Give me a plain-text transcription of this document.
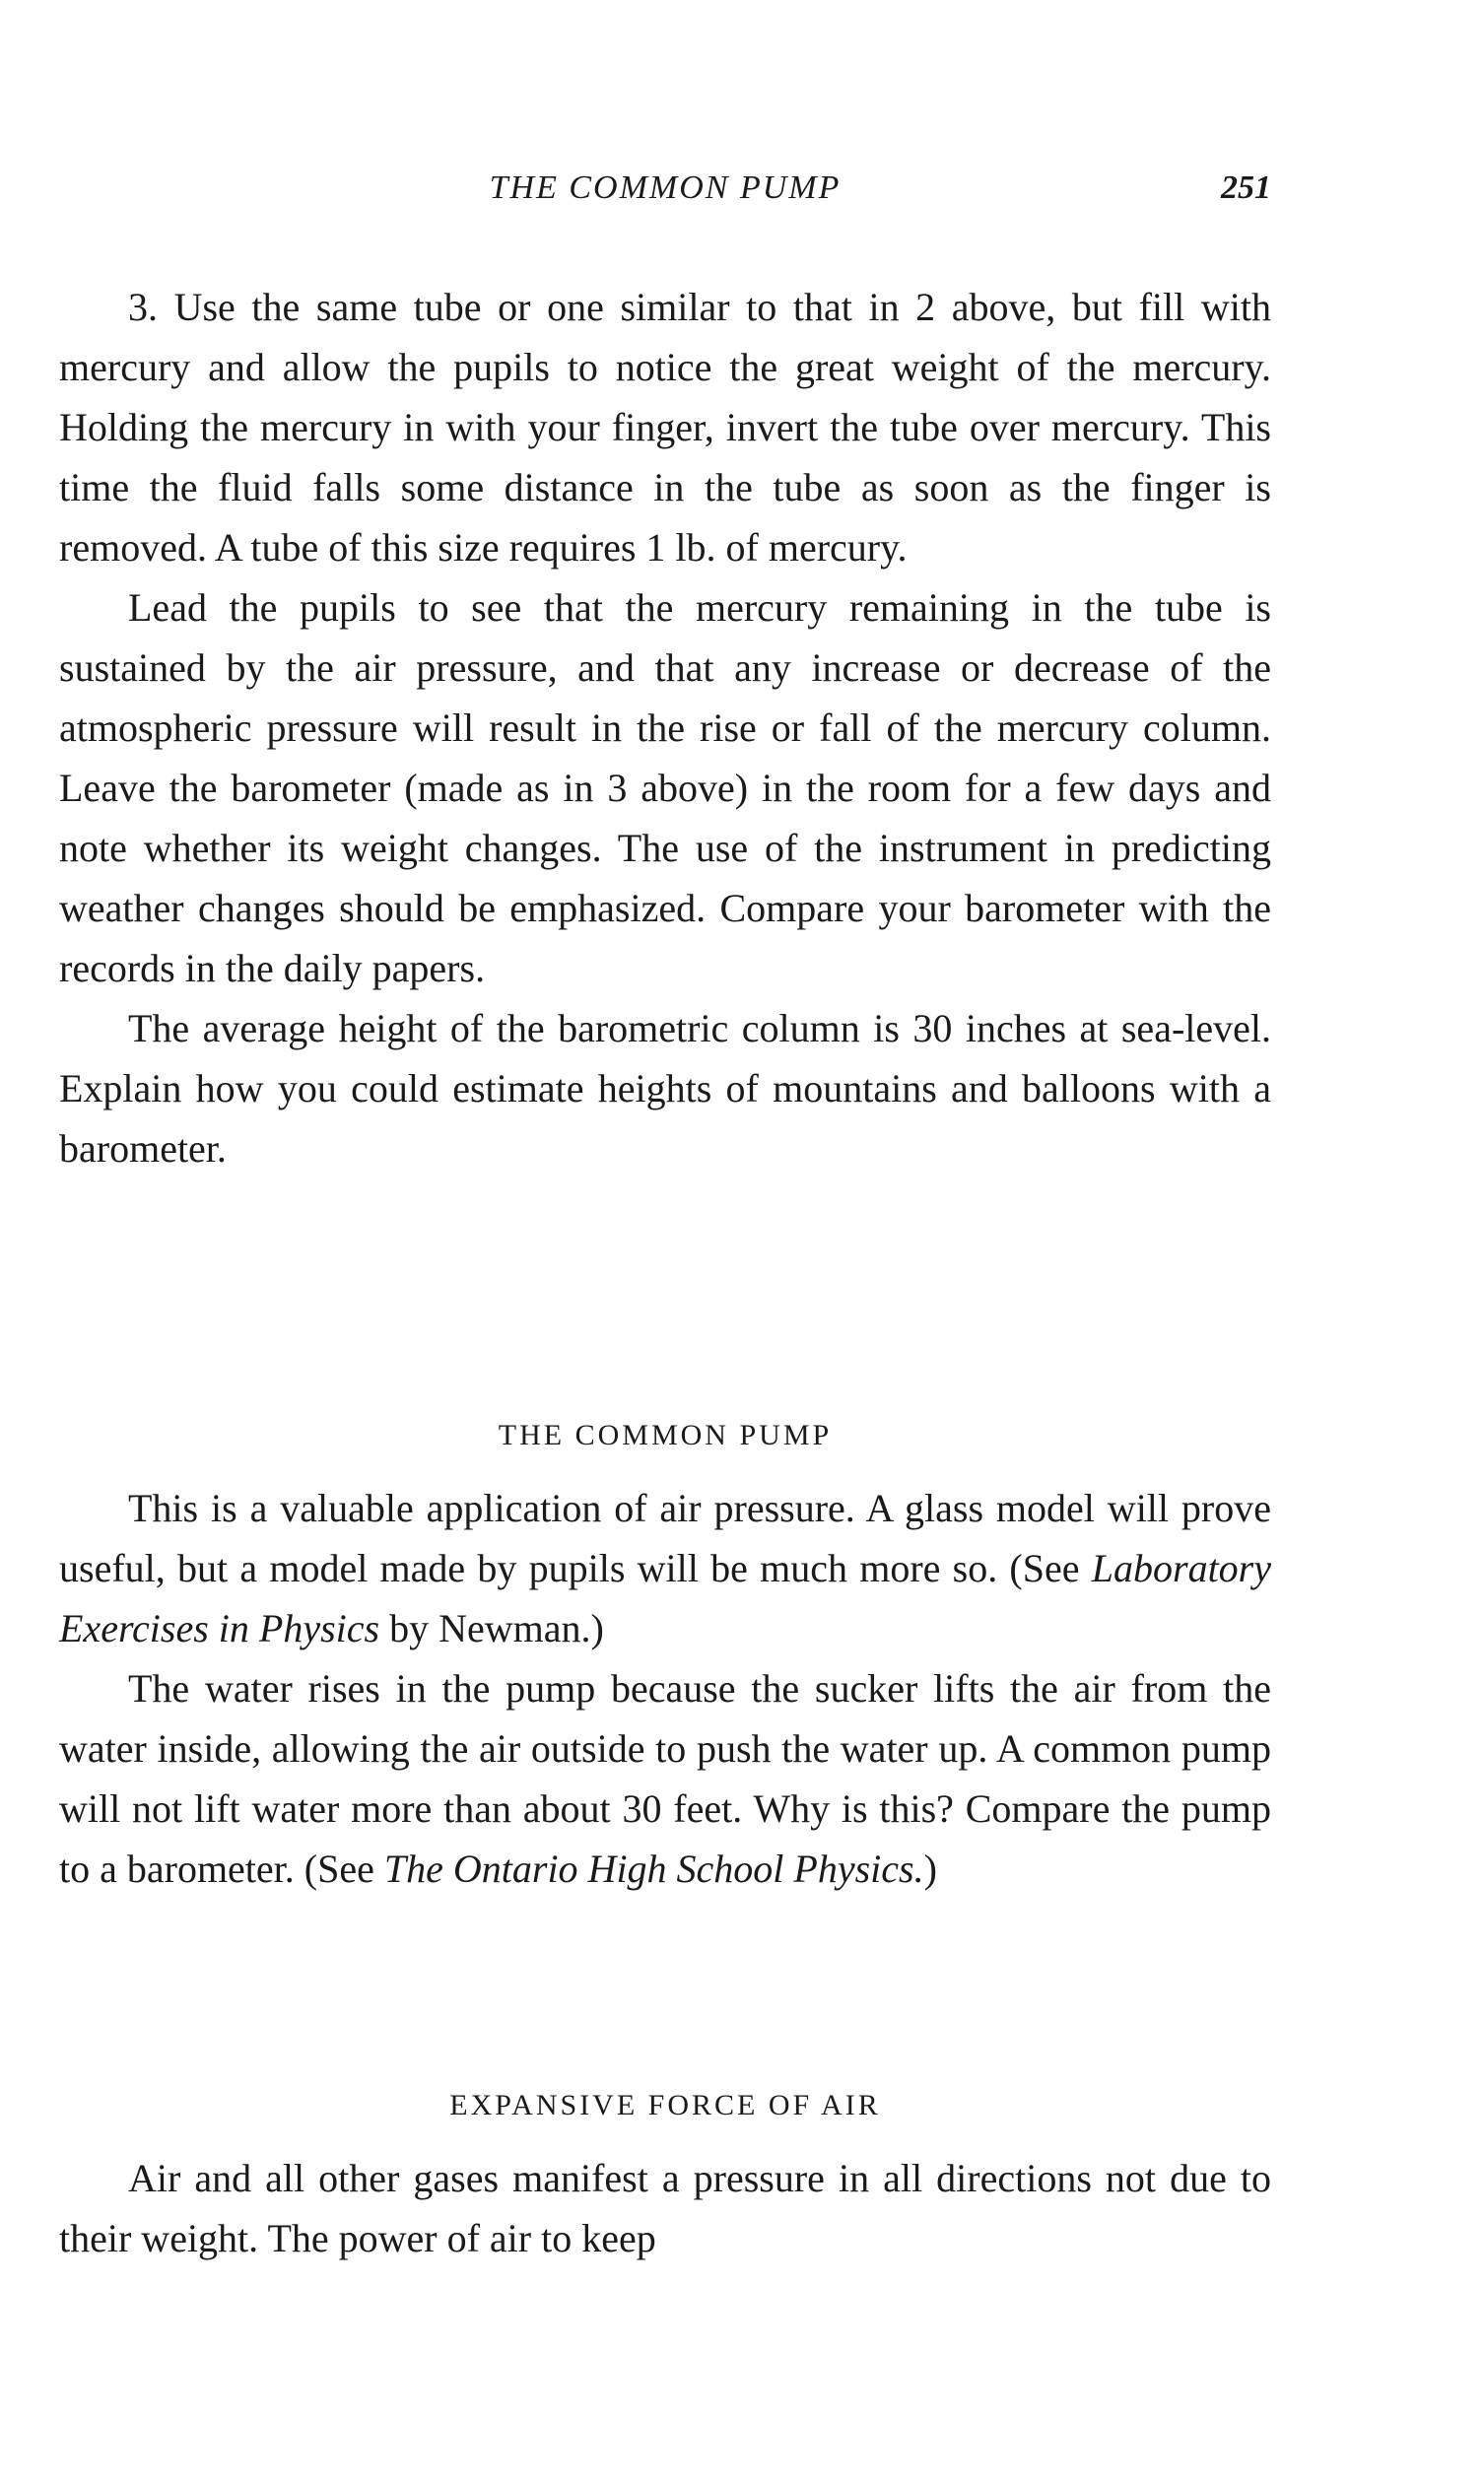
THE COMMON PUMP	251

3. Use the same tube or one similar to that in 2 above, but fill with mercury and allow the pupils to notice the great weight of the mercury. Holding the mercury in with your finger, invert the tube over mercury. This time the fluid falls some distance in the tube as soon as the finger is removed. A tube of this size requires 1 lb. of mercury.

Lead the pupils to see that the mercury remaining in the tube is sustained by the air pressure, and that any increase or decrease of the atmospheric pressure will result in the rise or fall of the mercury column. Leave the barometer (made as in 3 above) in the room for a few days and note whether its weight changes. The use of the instrument in predicting weather changes should be emphasized. Compare your barometer with the records in the daily papers.

The average height of the barometric column is 30 inches at sea-level. Explain how you could estimate heights of mountains and balloons with a barometer.

THE COMMON PUMP

This is a valuable application of air pressure. A glass model will prove useful, but a model made by pupils will be much more so. (See Laboratory Exercises in Physics by Newman.)

The water rises in the pump because the sucker lifts the air from the water inside, allowing the air outside to push the water up. A common pump will not lift water more than about 30 feet. Why is this? Compare the pump to a barometer. (See The Ontario High School Physics.)

EXPANSIVE FORCE OF AIR

Air and all other gases manifest a pressure in all directions not due to their weight. The power of air to keep
